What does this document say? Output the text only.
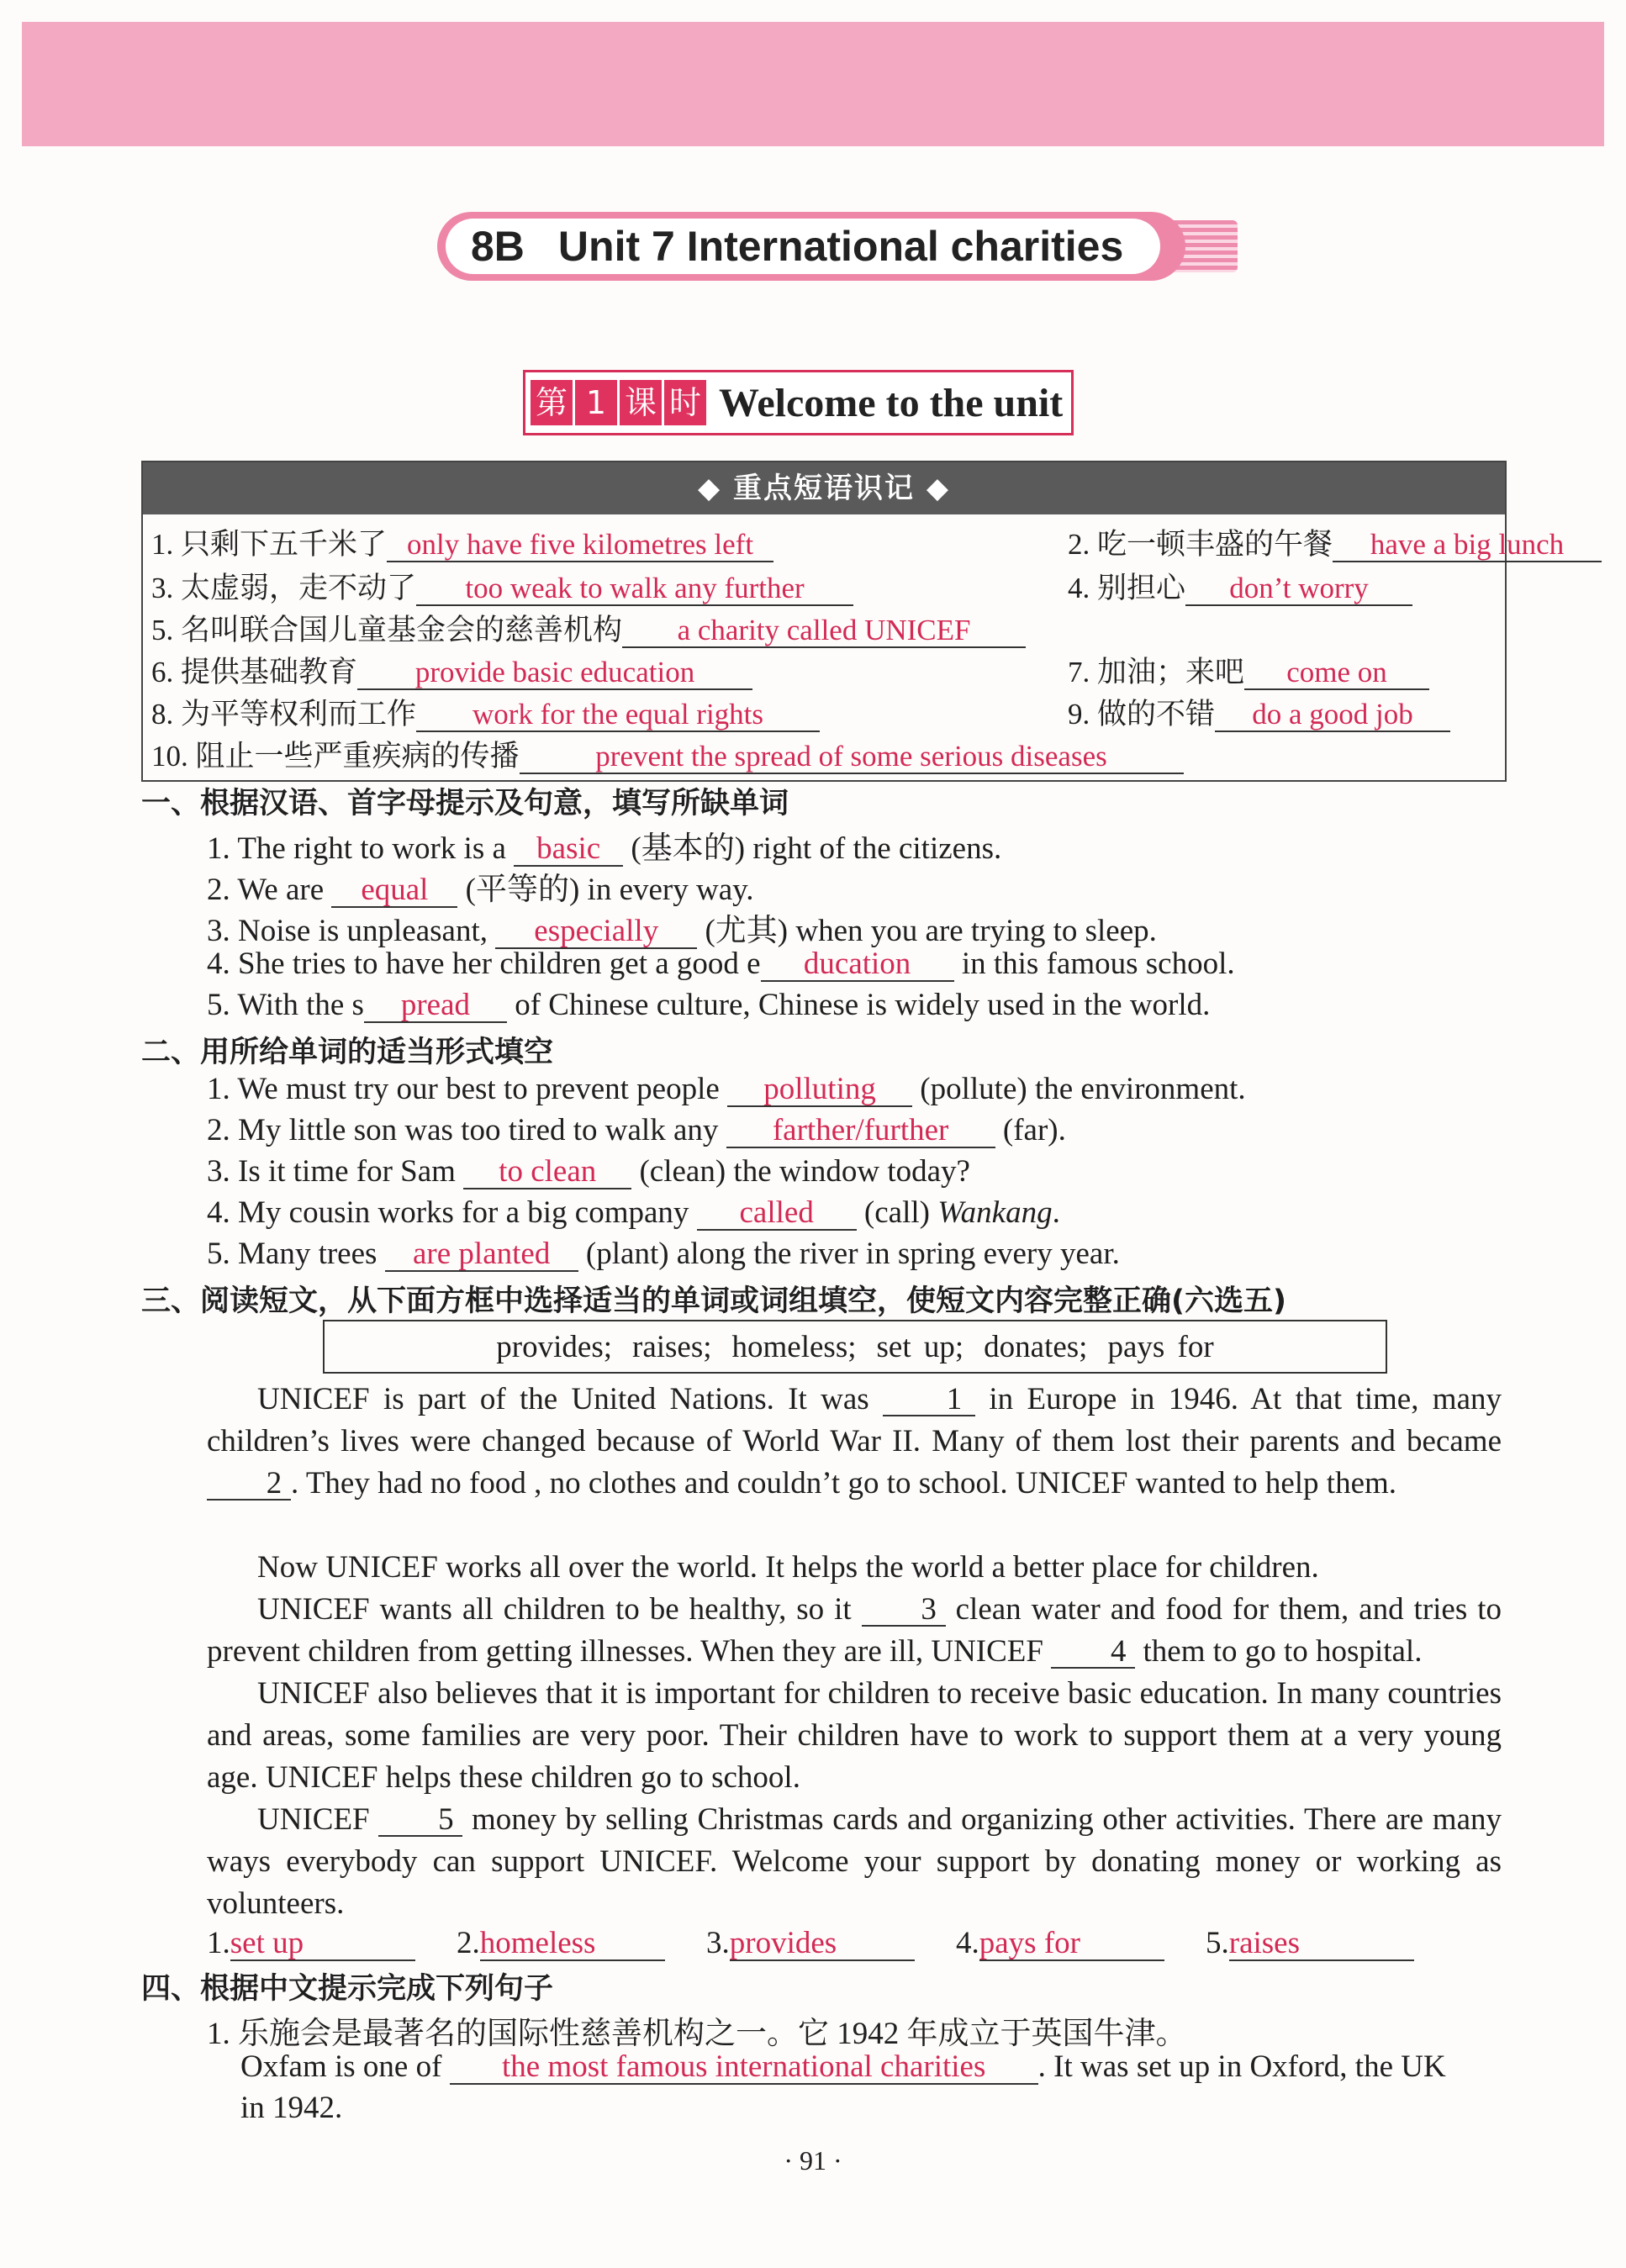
8B Unit 7 International charities
第 1 课 时 Welcome to the unit
◆ 重点短语识记 ◆
1. 只剩下五千米了 only have five kilometres left	2. 吃一顿丰盛的午餐 have a big lunch
3. 太虚弱，走不动了 too weak to walk any further	4. 别担心 don’t worry
5. 名叫联合国儿童基金会的慈善机构 a charity called UNICEF
6. 提供基础教育 provide basic education	7. 加油；来吧 come on
8. 为平等权利而工作 work for the equal rights	9. 做的不错 do a good job
10. 阻止一些严重疾病的传播	prevent the spread of some serious diseases
一、根据汉语、首字母提示及句意，填写所缺单词
1. The right to work is a basic (基本的) right of the citizens.
2. We are equal (平等的) in every way.
3. Noise is unpleasant, especially (尤其) when you are trying to sleep.
4. She tries to have her children get a good e ducation in this famous school.
5. With the s pread of Chinese culture, Chinese is widely used in the world.
二、用所给单词的适当形式填空
1. We must try our best to prevent people polluting (pollute) the environment.
2. My little son was too tired to walk any farther/further (far).
3. Is it time for Sam to clean (clean) the window today?
4. My cousin works for a big company called (call) Wankang.
5. Many trees are planted (plant) along the river in spring every year.
三、阅读短文，从下面方框中选择适当的单词或词组填空，使短文内容完整正确(六选五)
provides; raises; homeless; set up; donates; pays for
UNICEF is part of the United Nations. It was 1 in Europe in 1946. At that time, many children’s lives were changed because of World War II. Many of them lost their parents and became 2 . They had no food , no clothes and couldn’t go to school. UNICEF wanted to help them.
Now UNICEF works all over the world. It helps the world a better place for children.
UNICEF wants all children to be healthy, so it 3 clean water and food for them, and tries to prevent children from getting illnesses. When they are ill, UNICEF 4 them to go to hospital.
UNICEF also believes that it is important for children to receive basic education. In many countries and areas, some families are very poor. Their children have to work to support them at a very young age. UNICEF helps these children go to school.
UNICEF 5 money by selling Christmas cards and organizing other activities. There are many ways everybody can support UNICEF. Welcome your support by donating money or working as volunteers.
1.set up	2.homeless	3.provides	4.pays for	5.raises
四、根据中文提示完成下列句子
1. 乐施会是最著名的国际性慈善机构之一。它 1942 年成立于英国牛津。
Oxfam is one of the most famous international charities . It was set up in Oxford, the UK
in 1942.
· 91 ·
